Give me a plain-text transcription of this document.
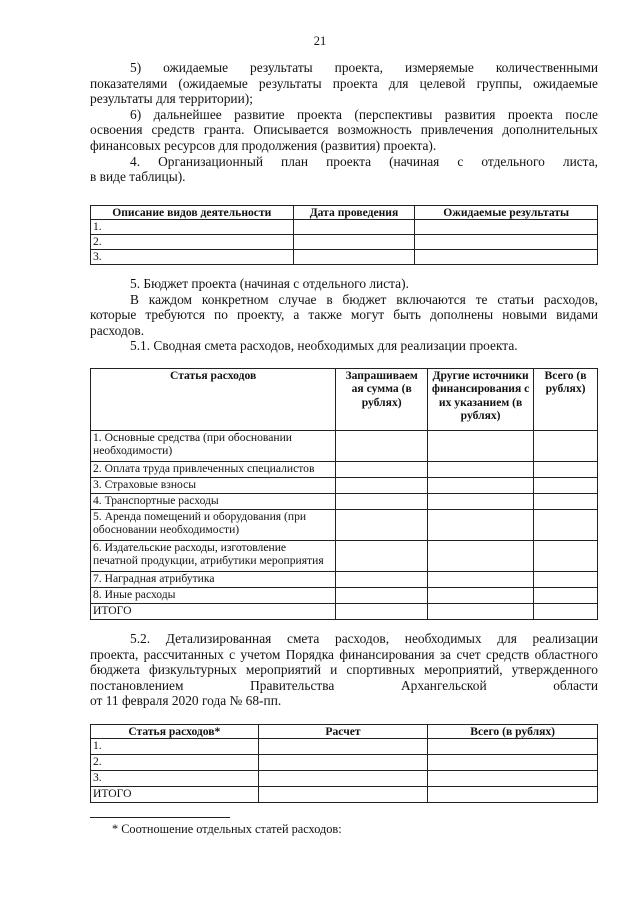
21

5) ожидаемые результаты проекта, измеряемые количественными

показателями (ожидаемые результаты проекта для целевой группы, ожидаемые результаты для территории);

6) дальнейшее развитие проекта (перспективы развития проекта после

освоения средств гранта. Описывается возможность привлечения дополнительных финансовых ресурсов для продолжения (развития) проекта).

4. Организационный план проекта (начиная с отдельного листа,

в виде таблицы).

Описание видов деятельности	Дата проведения	Ожидаемые результаты
1.		
2.		
3.		

5. Бюджет проекта (начиная с отдельного листа).

В каждом конкретном случае в бюджет включаются те статьи расходов,

которые требуются по проекту, а также могут быть дополнены новыми видами расходов.

5.1. Сводная смета расходов, необходимых для реализации проекта.

Статья расходов	Запрашиваем ая сумма (в рублях)	Другие источники финансирования с их указанием (в рублях)	Всего (в рублях)
1. Основные средства (при обосновании необходимости)			
2. Оплата труда привлеченных специалистов			
3. Страховые взносы			
4. Транспортные расходы			
5. Аренда помещений и оборудования (при обосновании необходимости)			
6. Издательские расходы, изготовление печатной продукции, атрибутики мероприятия			
7. Наградная атрибутика			
8. Иные расходы			
ИТОГО			

5.2. Детализированная смета расходов, необходимых для реализации

проекта, рассчитанных с учетом Порядка финансирования за счет средств областного бюджета физкультурных мероприятий и спортивных мероприятий, утвержденного постановлением Правительства Архангельской области

от 11 февраля 2020 года № 68-пп.

Статья расходов*	Расчет	Всего (в рублях)
1.		
2.		
3.		
ИТОГО		
* Соотношение отдельных статей расходов:
